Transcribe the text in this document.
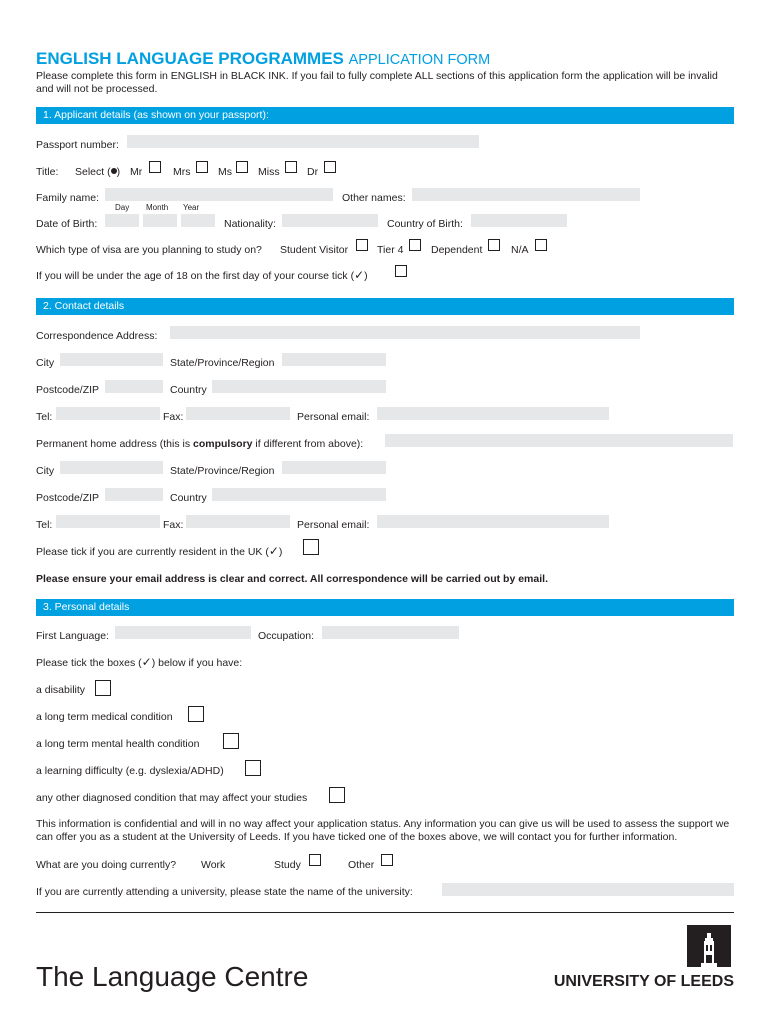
ENGLISH LANGUAGE PROGRAMMES APPLICATION FORM
Please complete this form in ENGLISH in BLACK INK. If you fail to fully complete ALL sections of this application form the application will be invalid and will not be processed.
1. Applicant details (as shown on your passport):
Passport number:
Title: Select ( ) Mr	Mrs	Ms Miss	Dr
Family name:	Other names:
Day Month Year
Date of Birth:	Nationality:	Country of Birth:
Which type of visa are you planning to study on? Student Visitor	Tier 4	Dependent	N/A
If you will be under the age of 18 on the first day of your course tick (✓)
2. Contact details
Correspondence Address:
City	State/Province/Region
Postcode/ZIP	Country
Tel:	Fax:	Personal email:
Permanent home address (this is compulsory if different from above):
City	State/Province/Region
Postcode/ZIP	Country
Tel:	Fax:	Personal email:
Please tick if you are currently resident in the UK (✓)
Please ensure your email address is clear and correct. All correspondence will be carried out by email.
3. Personal details
First Language:	Occupation:
Please tick the boxes (✓) below if you have:
a disability
a long term medical condition
a long term mental health condition
a learning difficulty (e.g. dyslexia/ADHD)
any other diagnosed condition that may affect your studies
This information is confidential and will in no way affect your application status. Any information you can give us will be used to assess the support we can offer you as a student at the University of Leeds. If you have ticked one of the boxes above, we will contact you for further information.
What are you doing currently? Work	Study	Other
If you are currently attending a university, please state the name of the university:
The Language Centre	UNIVERSITY OF LEEDS
